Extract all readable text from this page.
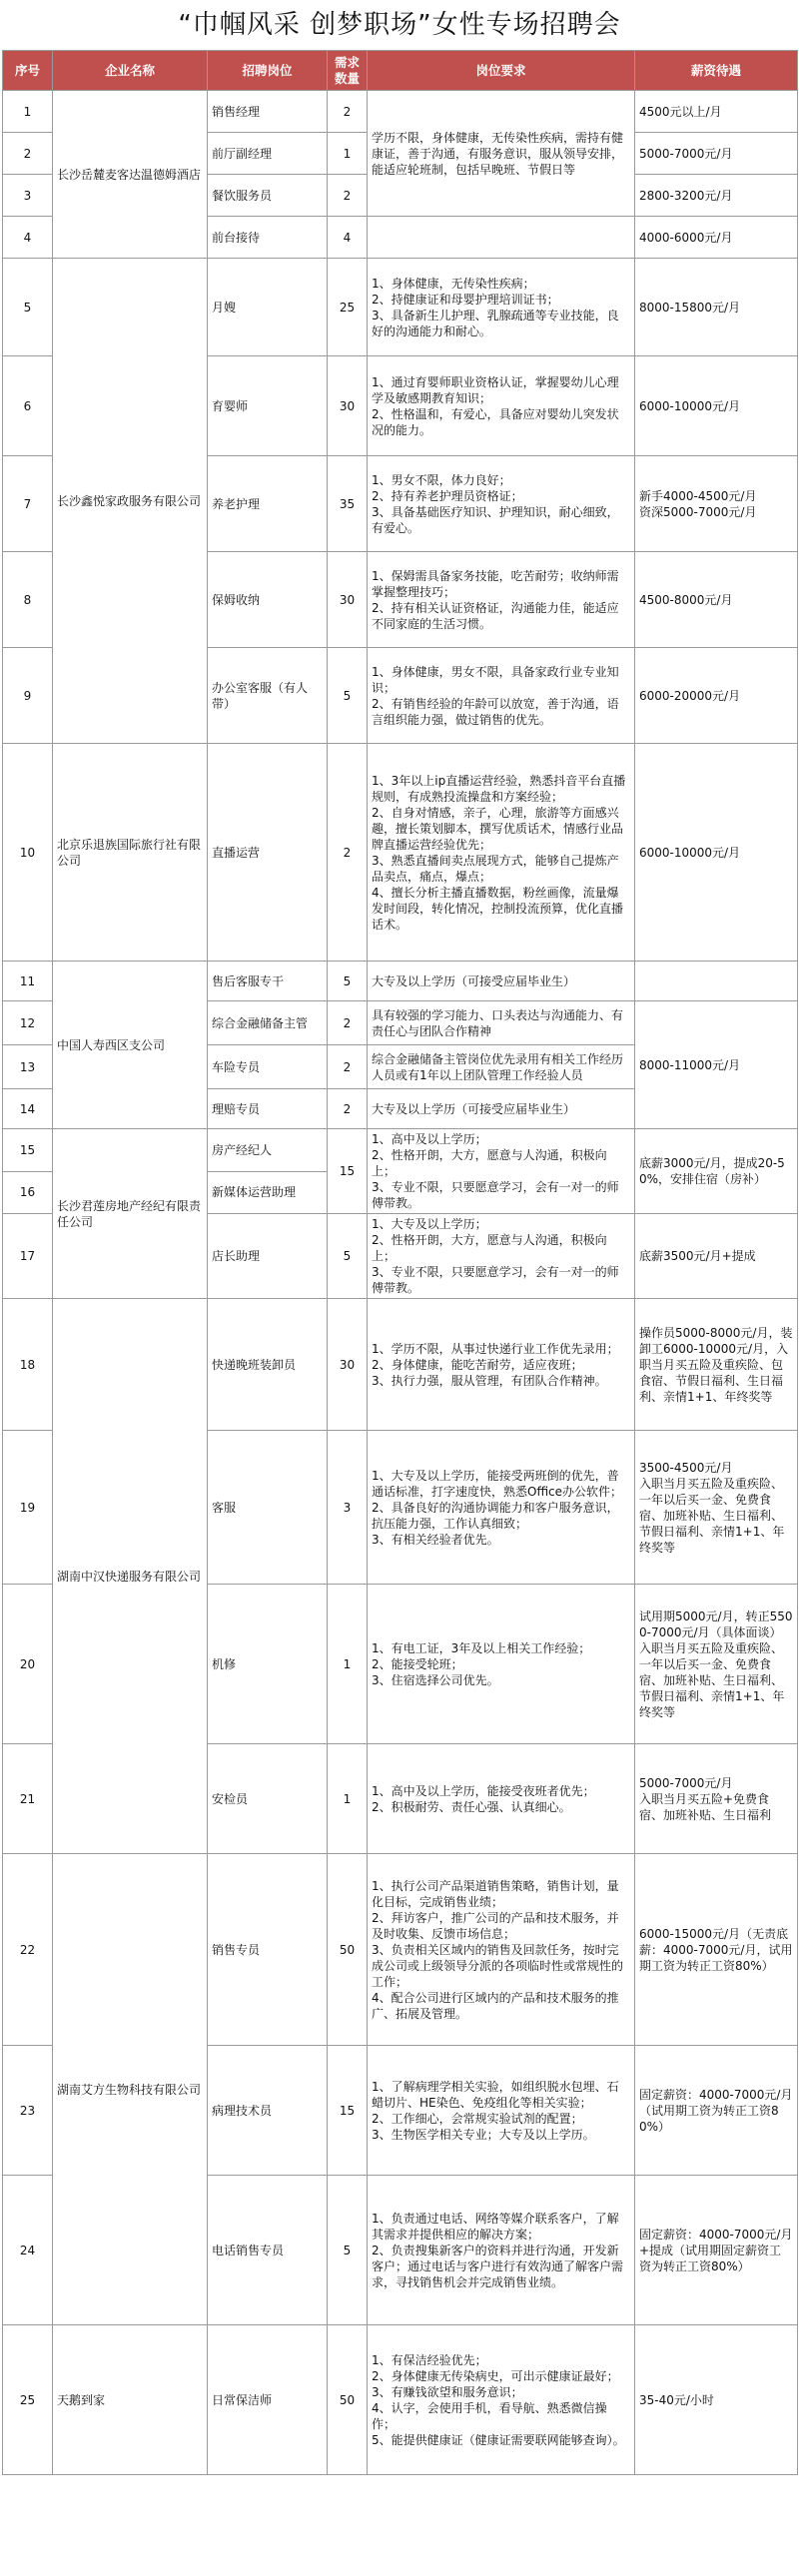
“巾帼风采 创梦职场”女性专场招聘会
序号	企业名称	招聘岗位	需求数量	岗位要求	薪资待遇
1	长沙岳麓麦客达温德姆酒店	销售经理	2	学历不限，身体健康，无传染性疾病，需持有健康证，善于沟通，有服务意识，服从领导安排，能适应轮班制，包括早晚班、节假日等	4500元以上/月
2		前厅副经理	1		5000-7000元/月
3		餐饮服务员	2		2800-3200元/月
4		前台接待	4		4000-6000元/月
5	长沙鑫悦家政服务有限公司	月嫂	25	1、身体健康，无传染性疾病；
2、持健康证和母婴护理培训证书；
3、具备新生儿护理、乳腺疏通等专业技能，良好的沟通能力和耐心。	8000-15800元/月
6		育婴师	30	1、通过育婴师职业资格认证，掌握婴幼儿心理学及敏感期教育知识；
2、性格温和，有爱心，具备应对婴幼儿突发状况的能力。	6000-10000元/月
7		养老护理	35	1、男女不限，体力良好；
2、持有养老护理员资格证；
3、具备基础医疗知识、护理知识，耐心细致，有爱心。	新手4000-4500元/月
资深5000-7000元/月
8		保姆收纳	30	1、保姆需具备家务技能，吃苦耐劳；收纳师需掌握整理技巧；
2、持有相关认证资格证，沟通能力佳，能适应不同家庭的生活习惯。	4500-8000元/月
9		办公室客服（有人带）	5	1、身体健康，男女不限，具备家政行业专业知识；
2、有销售经验的年龄可以放宽，善于沟通，语言组织能力强，做过销售的优先。	6000-20000元/月
10	北京乐退族国际旅行社有限公司	直播运营	2	1、3年以上ip直播运营经验，熟悉抖音平台直播规则，有成熟投流操盘和方案经验；
2、自身对情感，亲子，心理，旅游等方面感兴趣，擅长策划脚本，撰写优质话术，情感行业品牌直播运营经验优先；
3、熟悉直播间卖点展现方式，能够自己提炼产品卖点，痛点，爆点；
4、擅长分析主播直播数据，粉丝画像，流量爆发时间段，转化情况，控制投流预算，优化直播话术。	6000-10000元/月
11	中国人寿西区支公司	售后客服专干	5	大专及以上学历（可接受应届毕业生）	
12		综合金融储备主管	2	具有较强的学习能力、口头表达与沟通能力、有责任心与团队合作精神	8000-11000元/月
13		车险专员	2	综合金融储备主管岗位优先录用有相关工作经历人员或有1年以上团队管理工作经验人员	
14		理赔专员	2	大专及以上学历（可接受应届毕业生）	
15	长沙君莲房地产经纪有限责任公司	房产经纪人	15	1、高中及以上学历；
2、性格开朗，大方，愿意与人沟通，积极向上；
3、专业不限，只要愿意学习，会有一对一的师傅带教。	底薪3000元/月，提成20-50%，安排住宿（房补）
16		新媒体运营助理			
17		店长助理	5	1、大专及以上学历；
2、性格开朗，大方，愿意与人沟通，积极向上；
3、专业不限，只要愿意学习，会有一对一的师傅带教。	底薪3500元/月+提成
18	湖南中汉快递服务有限公司	快递晚班装卸员	30	1、学历不限，从事过快递行业工作优先录用；
2、身体健康，能吃苦耐劳，适应夜班；
3、执行力强，服从管理，有团队合作精神。	操作员5000-8000元/月，装卸工6000-10000元/月，入职当月买五险及重疾险、包食宿、节假日福利、生日福利、亲情1+1、年终奖等
19		客服	3	1、大专及以上学历，能接受两班倒的优先，普通话标准，打字速度快，熟悉Office办公软件；
2、具备良好的沟通协调能力和客户服务意识，抗压能力强，工作认真细致；
3、有相关经验者优先。	3500-4500元/月
入职当月买五险及重疾险、一年以后买一金、免费食宿、加班补贴、生日福利、节假日福利、亲情1+1、年终奖等
20		机修	1	1、有电工证，3年及以上相关工作经验；
2、能接受轮班；
3、住宿选择公司优先。	试用期5000元/月，转正5500-7000元/月（具体面谈）
入职当月买五险及重疾险、一年以后买一金、免费食宿、加班补贴、生日福利、节假日福利、亲情1+1、年终奖等
21		安检员	1	1、高中及以上学历，能接受夜班者优先；
2、积极耐劳、责任心强、认真细心。	5000-7000元/月
入职当月买五险+免费食宿、加班补贴、生日福利
22	湖南艾方生物科技有限公司	销售专员	50	1、执行公司产品渠道销售策略，销售计划，量化目标，完成销售业绩；
2、拜访客户，推广公司的产品和技术服务，并及时收集、反馈市场信息；
3、负责相关区域内的销售及回款任务，按时完成公司或上级领导分派的各项临时性或常规性的工作；
4、配合公司进行区域内的产品和技术服务的推广、拓展及管理。	6000-15000元/月（无责底薪：4000-7000元/月，试用期工资为转正工资80%）
23		病理技术员	15	1、了解病理学相关实验，如组织脱水包埋、石蜡切片、HE染色、免疫组化等相关实验；
2、工作细心，会常规实验试剂的配置；
3、生物医学相关专业；大专及以上学历。	固定薪资：4000-7000元/月（试用期工资为转正工资80%）
24		电话销售专员	5	1、负责通过电话、网络等媒介联系客户，了解其需求并提供相应的解决方案；
2、负责搜集新客户的资料并进行沟通，开发新客户；通过电话与客户进行有效沟通了解客户需求，寻找销售机会并完成销售业绩。	固定薪资：4000-7000元/月+提成（试用期固定薪资工资为转正工资80%）
25	天鹅到家	日常保洁师	50	1、有保洁经验优先；
2、身体健康无传染病史，可出示健康证最好；
3、有赚钱欲望和服务意识；
4、认字，会使用手机，看导航、熟悉微信操作；
5、能提供健康证（健康证需要联网能够查询）。	35-40元/小时
